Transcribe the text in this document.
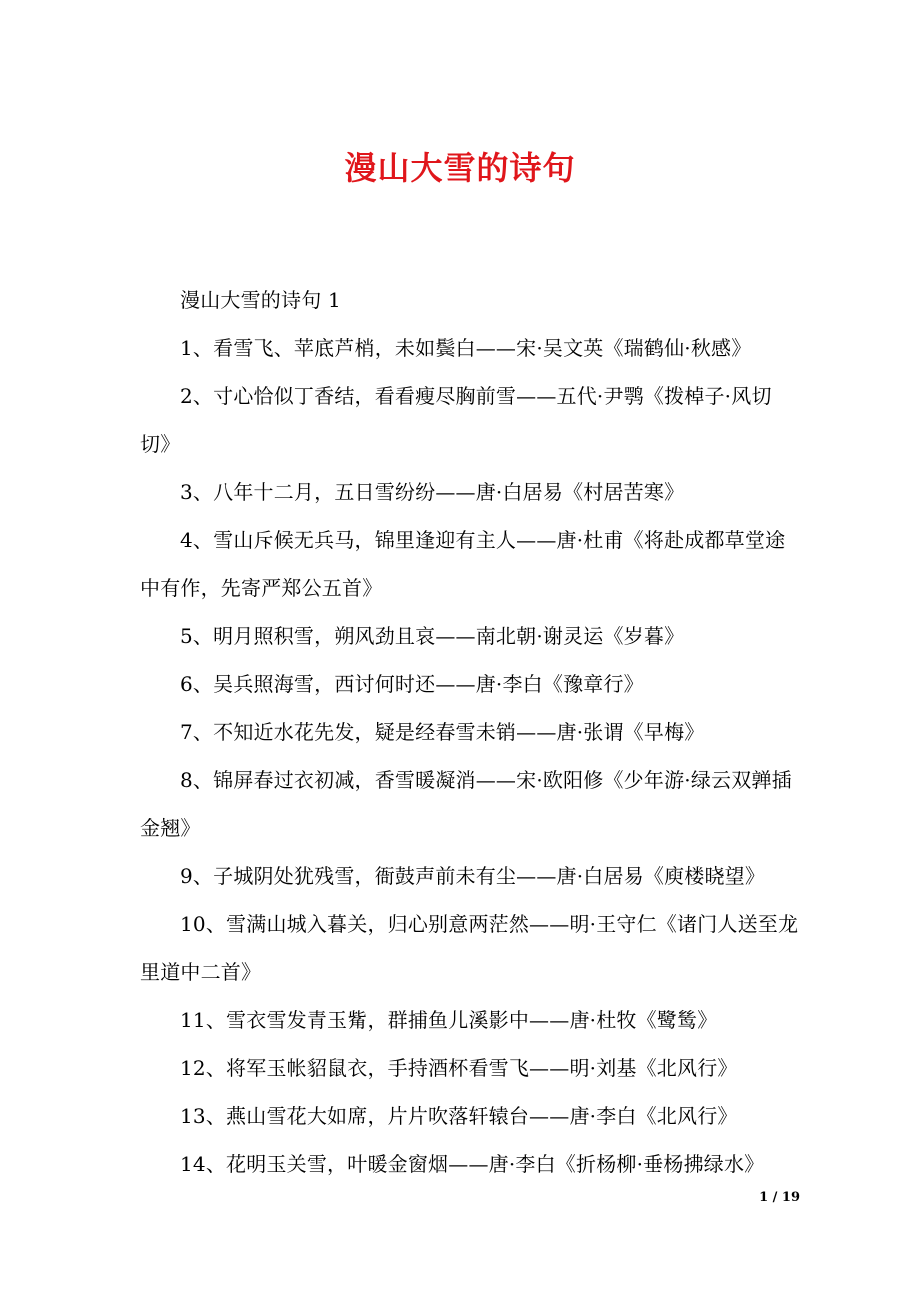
漫山大雪的诗句

漫山大雪的诗句 1

1、看雪飞、苹底芦梢，未如鬓白——宋·吴文英《瑞鹤仙·秋感》

2、寸心恰似丁香结，看看瘦尽胸前雪——五代·尹鹗《拨棹子·风切切》

3、八年十二月，五日雪纷纷——唐·白居易《村居苦寒》

4、雪山斥候无兵马，锦里逢迎有主人——唐·杜甫《将赴成都草堂途中有作，先寄严郑公五首》

5、明月照积雪，朔风劲且哀——南北朝·谢灵运《岁暮》

6、吴兵照海雪，西讨何时还——唐·李白《豫章行》

7、不知近水花先发，疑是经春雪未销——唐·张谓《早梅》

8、锦屏春过衣初减，香雪暖凝消——宋·欧阳修《少年游·绿云双亸插金翘》

9、子城阴处犹残雪，衙鼓声前未有尘——唐·白居易《庾楼晓望》

10、雪满山城入暮关，归心别意两茫然——明·王守仁《诸门人送至龙里道中二首》

11、雪衣雪发青玉觜，群捕鱼儿溪影中——唐·杜牧《鹭鸶》

12、将军玉帐貂鼠衣，手持酒杯看雪飞——明·刘基《北风行》

13、燕山雪花大如席，片片吹落轩辕台——唐·李白《北风行》

14、花明玉关雪，叶暖金窗烟——唐·李白《折杨柳·垂杨拂绿水》

1 / 19
